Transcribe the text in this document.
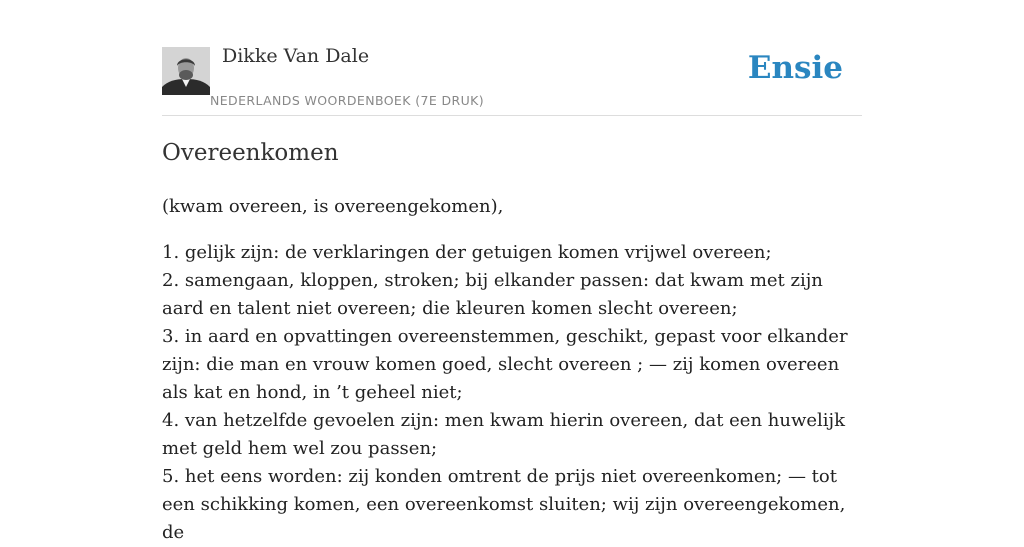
Dikke Van Dale
NEDERLANDS WOORDENBOEK (7E DRUK)
Ensie
Overeenkomen
(kwam overeen, is overeengekomen),
1. gelijk zijn: de verklaringen der getuigen komen vrijwel overeen;
2. samengaan, kloppen, stroken; bij elkander passen: dat kwam met zijn aard en talent niet overeen; die kleuren komen slecht overeen;
3. in aard en opvattingen overeenstemmen, geschikt, gepast voor elkander zijn: die man en vrouw komen goed, slecht overeen ; — zij komen overeen als kat en hond, in ’t geheel niet;
4. van hetzelfde gevoelen zijn: men kwam hierin overeen, dat een huwelijk met geld hem wel zou passen;
5. het eens worden: zij konden omtrent de prijs niet overeenkomen; — tot een schikking komen, een overeenkomst sluiten; wij zijn overeengekomen, de
